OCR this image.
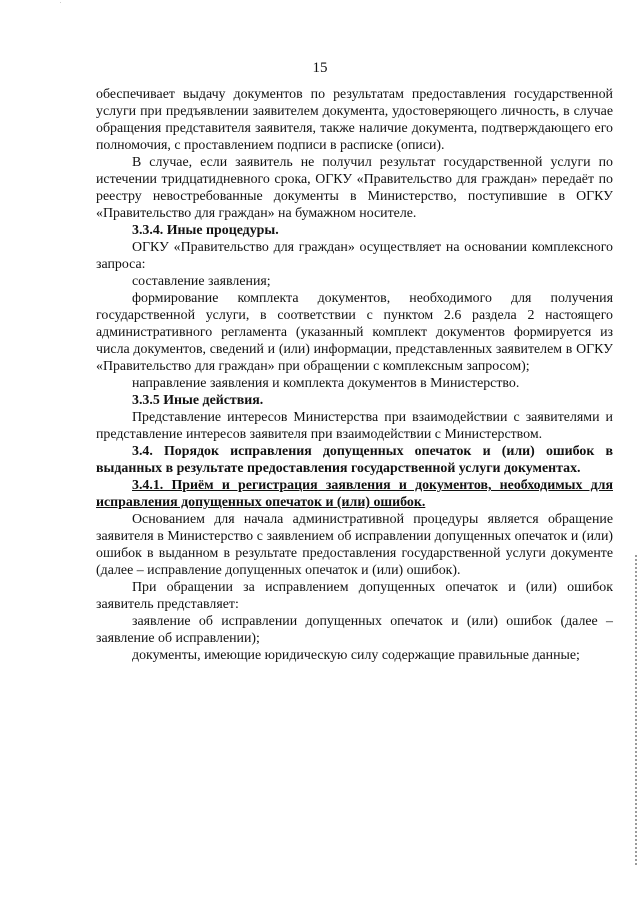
15

обеспечивает выдачу документов по результатам предоставления государственной услуги при предъявлении заявителем документа, удостоверяющего личность, в случае обращения представителя заявителя, также наличие документа, подтверждающего его полномочия, с проставлением подписи в расписке (описи).

В случае, если заявитель не получил результат государственной услуги по истечении тридцатидневного срока, ОГКУ «Правительство для граждан» передаёт по реестру невостребованные документы в Министерство, поступившие в ОГКУ «Правительство для граждан» на бумажном носителе.

3.3.4. Иные процедуры.

ОГКУ «Правительство для граждан» осуществляет на основании комплексного запроса:

составление заявления;

формирование комплекта документов, необходимого для получения государственной услуги, в соответствии с пунктом 2.6 раздела 2 настоящего административного регламента (указанный комплект документов формируется из числа документов, сведений и (или) информации, представленных заявителем в ОГКУ «Правительство для граждан» при обращении с комплексным запросом);

направление заявления и комплекта документов в Министерство.

3.3.5 Иные действия.

Представление интересов Министерства при взаимодействии с заявителями и представление интересов заявителя при взаимодействии с Министерством.

3.4. Порядок исправления допущенных опечаток и (или) ошибок в выданных в результате предоставления государственной услуги документах.

3.4.1. Приём и регистрация заявления и документов, необходимых для исправления допущенных опечаток и (или) ошибок.

Основанием для начала административной процедуры является обращение заявителя в Министерство с заявлением об исправлении допущенных опечаток и (или) ошибок в выданном в результате предоставления государственной услуги документе (далее – исправление допущенных опечаток и (или) ошибок).

При обращении за исправлением допущенных опечаток и (или) ошибок заявитель представляет:

заявление об исправлении допущенных опечаток и (или) ошибок (далее – заявление об исправлении);

документы, имеющие юридическую силу содержащие правильные данные;
